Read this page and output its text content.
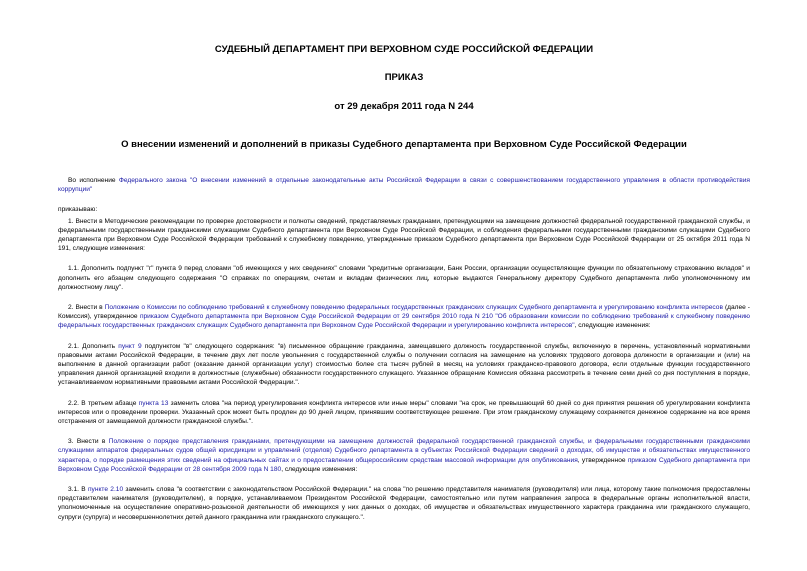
СУДЕБНЫЙ ДЕПАРТАМЕНТ ПРИ ВЕРХОВНОМ СУДЕ РОССИЙСКОЙ ФЕДЕРАЦИИ
ПРИКАЗ
от 29 декабря 2011 года N 244
О внесении изменений и дополнений в приказы Судебного департамента при Верховном Суде Российской Федерации

Во исполнение Федерального закона "О внесении изменений в отдельные законодательные акты Российской Федерации в связи с совершенствованием государственного управления в области противодействия коррупции"

приказываю:

1. Внести в Методические рекомендации по проверке достоверности и полноты сведений, представляемых гражданами, претендующими на замещение должностей федеральной государственной гражданской службы, и федеральными государственными гражданскими служащими Судебного департамента при Верховном Суде Российской Федерации, и соблюдения федеральными государственными гражданскими служащими Судебного департамента при Верховном Суде Российской Федерации требований к служебному поведению, утвержденные приказом Судебного департамента при Верховном Суде Российской Федерации от 25 октября 2011 года N 191, следующие изменения:

1.1. Дополнить подпункт "г" пункта 9 перед словами "об имеющихся у них сведениях" словами "кредитные организации, Банк России, организации осуществляющие функции по обязательному страхованию вкладов" и дополнить его абзацем следующего содержания "О справках по операциям, счетам и вкладам физических лиц, которые выдаются Генеральному директору Судебного департамента либо уполномоченному им должностному лицу".

2. Внести в Положение о Комиссии по соблюдению требований к служебному поведению федеральных государственных гражданских служащих Судебного департамента и урегулированию конфликта интересов (далее - Комиссия), утвержденное приказом Судебного департамента при Верховном Суде Российской Федерации от 29 сентября 2010 года N 210 "Об образовании комиссии по соблюдению требований к служебному поведению федеральных государственных гражданских служащих Судебного департамента при Верховном Суде Российской Федерации и урегулированию конфликта интересов", следующие изменения:

2.1. Дополнить пункт 9 подпунктом "в" следующего содержания: "в) письменное обращение гражданина, замещавшего должность государственной службы, включенную в перечень, установленный нормативными правовыми актами Российской Федерации, в течение двух лет после увольнения с государственной службы о получении согласия на замещение на условиях трудового договора должности в организации и (или) на выполнение в данной организации работ (оказание данной организации услуг) стоимостью более ста тысяч рублей в месяц на условиях гражданско-правового договора, если отдельные функции государственного управления данной организацией входили в должностные (служебные) обязанности государственного служащего. Указанное обращение Комиссия обязана рассмотреть в течение семи дней со дня поступления в порядке, устанавливаемом нормативными правовыми актами Российской Федерации.".

2.2. В третьем абзаце пункта 13 заменить слова "на период урегулирования конфликта интересов или иные меры" словами "на срок, не превышающий 60 дней со дня принятия решения об урегулировании конфликта интересов или о проведении проверки. Указанный срок может быть продлен до 90 дней лицом, принявшим соответствующее решение. При этом гражданскому служащему сохраняется денежное содержание на все время отстранения от замещаемой должности гражданской службы.".

3. Внести в Положение о порядке представления гражданами, претендующими на замещение должностей федеральной государственной гражданской службы, и федеральными государственными гражданскими служащими аппаратов федеральных судов общей юрисдикции и управлений (отделов) Судебного департамента в субъектах Российской Федерации сведений о доходах, об имуществе и обязательствах имущественного характера, о порядке размещения этих сведений на официальных сайтах и о предоставлении общероссийским средствам массовой информации для опубликования, утвержденное приказом Судебного департамента при Верховном Суде Российской Федерации от 28 сентября 2009 года N 180, следующие изменения:

3.1. В пункте 2.10 заменить слова "в соответствии с законодательством Российской Федерации." на слова "по решению представителя нанимателя (руководителя) или лица, которому такие полномочия предоставлены представителем нанимателя (руководителем), в порядке, устанавливаемом Президентом Российской Федерации, самостоятельно или путем направления запроса в федеральные органы исполнительной власти, уполномоченные на осуществление оперативно-розыскной деятельности об имеющихся у них данных о доходах, об имуществе и обязательствах имущественного характера гражданина или гражданского служащего, супруги (супруга) и несовершеннолетних детей данного гражданина или гражданского служащего.".
